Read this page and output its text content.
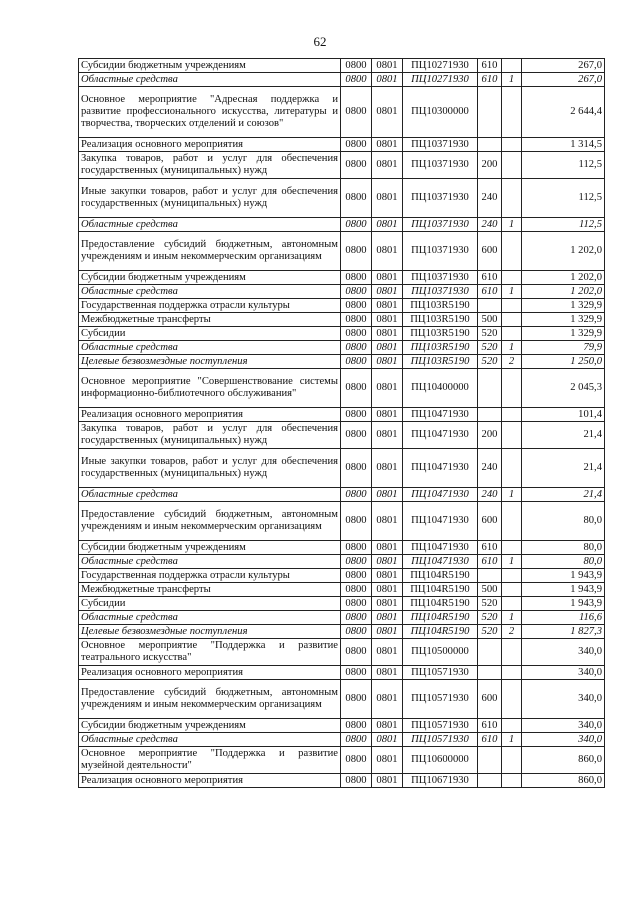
62
Субсидии бюджетным учреждениям	0800	0801	ПЦ10271930	610		267,0
Областные средства	0800	0801	ПЦ10271930	610	1	267,0
Основное мероприятие "Адресная поддержка и развитие профессионального искусства, литературы и творчества, творческих отделений и союзов"	0800	0801	ПЦ10300000			2 644,4
Реализация основного мероприятия	0800	0801	ПЦ10371930			1 314,5
Закупка товаров, работ и услуг для обеспечения государственных (муниципальных) нужд	0800	0801	ПЦ10371930	200		112,5
Иные закупки товаров, работ и услуг для обеспечения государственных (муниципальных) нужд	0800	0801	ПЦ10371930	240		112,5
Областные средства	0800	0801	ПЦ10371930	240	1	112,5
Предоставление субсидий бюджетным, автономным учреждениям и иным некоммерческим организациям	0800	0801	ПЦ10371930	600		1 202,0
Субсидии бюджетным учреждениям	0800	0801	ПЦ10371930	610		1 202,0
Областные средства	0800	0801	ПЦ10371930	610	1	1 202,0
Государственная поддержка отрасли культуры	0800	0801	ПЦ103R5190			1 329,9
Межбюджетные трансферты	0800	0801	ПЦ103R5190	500		1 329,9
Субсидии	0800	0801	ПЦ103R5190	520		1 329,9
Областные средства	0800	0801	ПЦ103R5190	520	1	79,9
Целевые безвозмездные поступления	0800	0801	ПЦ103R5190	520	2	1 250,0
Основное мероприятие "Совершенствование системы информационно-библиотечного обслуживания"	0800	0801	ПЦ10400000			2 045,3
Реализация основного мероприятия	0800	0801	ПЦ10471930			101,4
Закупка товаров, работ и услуг для обеспечения государственных (муниципальных) нужд	0800	0801	ПЦ10471930	200		21,4
Иные закупки товаров, работ и услуг для обеспечения государственных (муниципальных) нужд	0800	0801	ПЦ10471930	240		21,4
Областные средства	0800	0801	ПЦ10471930	240	1	21,4
Предоставление субсидий бюджетным, автономным учреждениям и иным некоммерческим организациям	0800	0801	ПЦ10471930	600		80,0
Субсидии бюджетным учреждениям	0800	0801	ПЦ10471930	610		80,0
Областные средства	0800	0801	ПЦ10471930	610	1	80,0
Государственная поддержка отрасли культуры	0800	0801	ПЦ104R5190			1 943,9
Межбюджетные трансферты	0800	0801	ПЦ104R5190	500		1 943,9
Субсидии	0800	0801	ПЦ104R5190	520		1 943,9
Областные средства	0800	0801	ПЦ104R5190	520	1	116,6
Целевые безвозмездные поступления	0800	0801	ПЦ104R5190	520	2	1 827,3
Основное мероприятие "Поддержка и развитие театрального искусства"	0800	0801	ПЦ10500000			340,0
Реализация основного мероприятия	0800	0801	ПЦ10571930			340,0
Предоставление субсидий бюджетным, автономным учреждениям и иным некоммерческим организациям	0800	0801	ПЦ10571930	600		340,0
Субсидии бюджетным учреждениям	0800	0801	ПЦ10571930	610		340,0
Областные средства	0800	0801	ПЦ10571930	610	1	340,0
Основное мероприятие "Поддержка и развитие музейной деятельности"	0800	0801	ПЦ10600000			860,0
Реализация основного мероприятия	0800	0801	ПЦ10671930			860,0
